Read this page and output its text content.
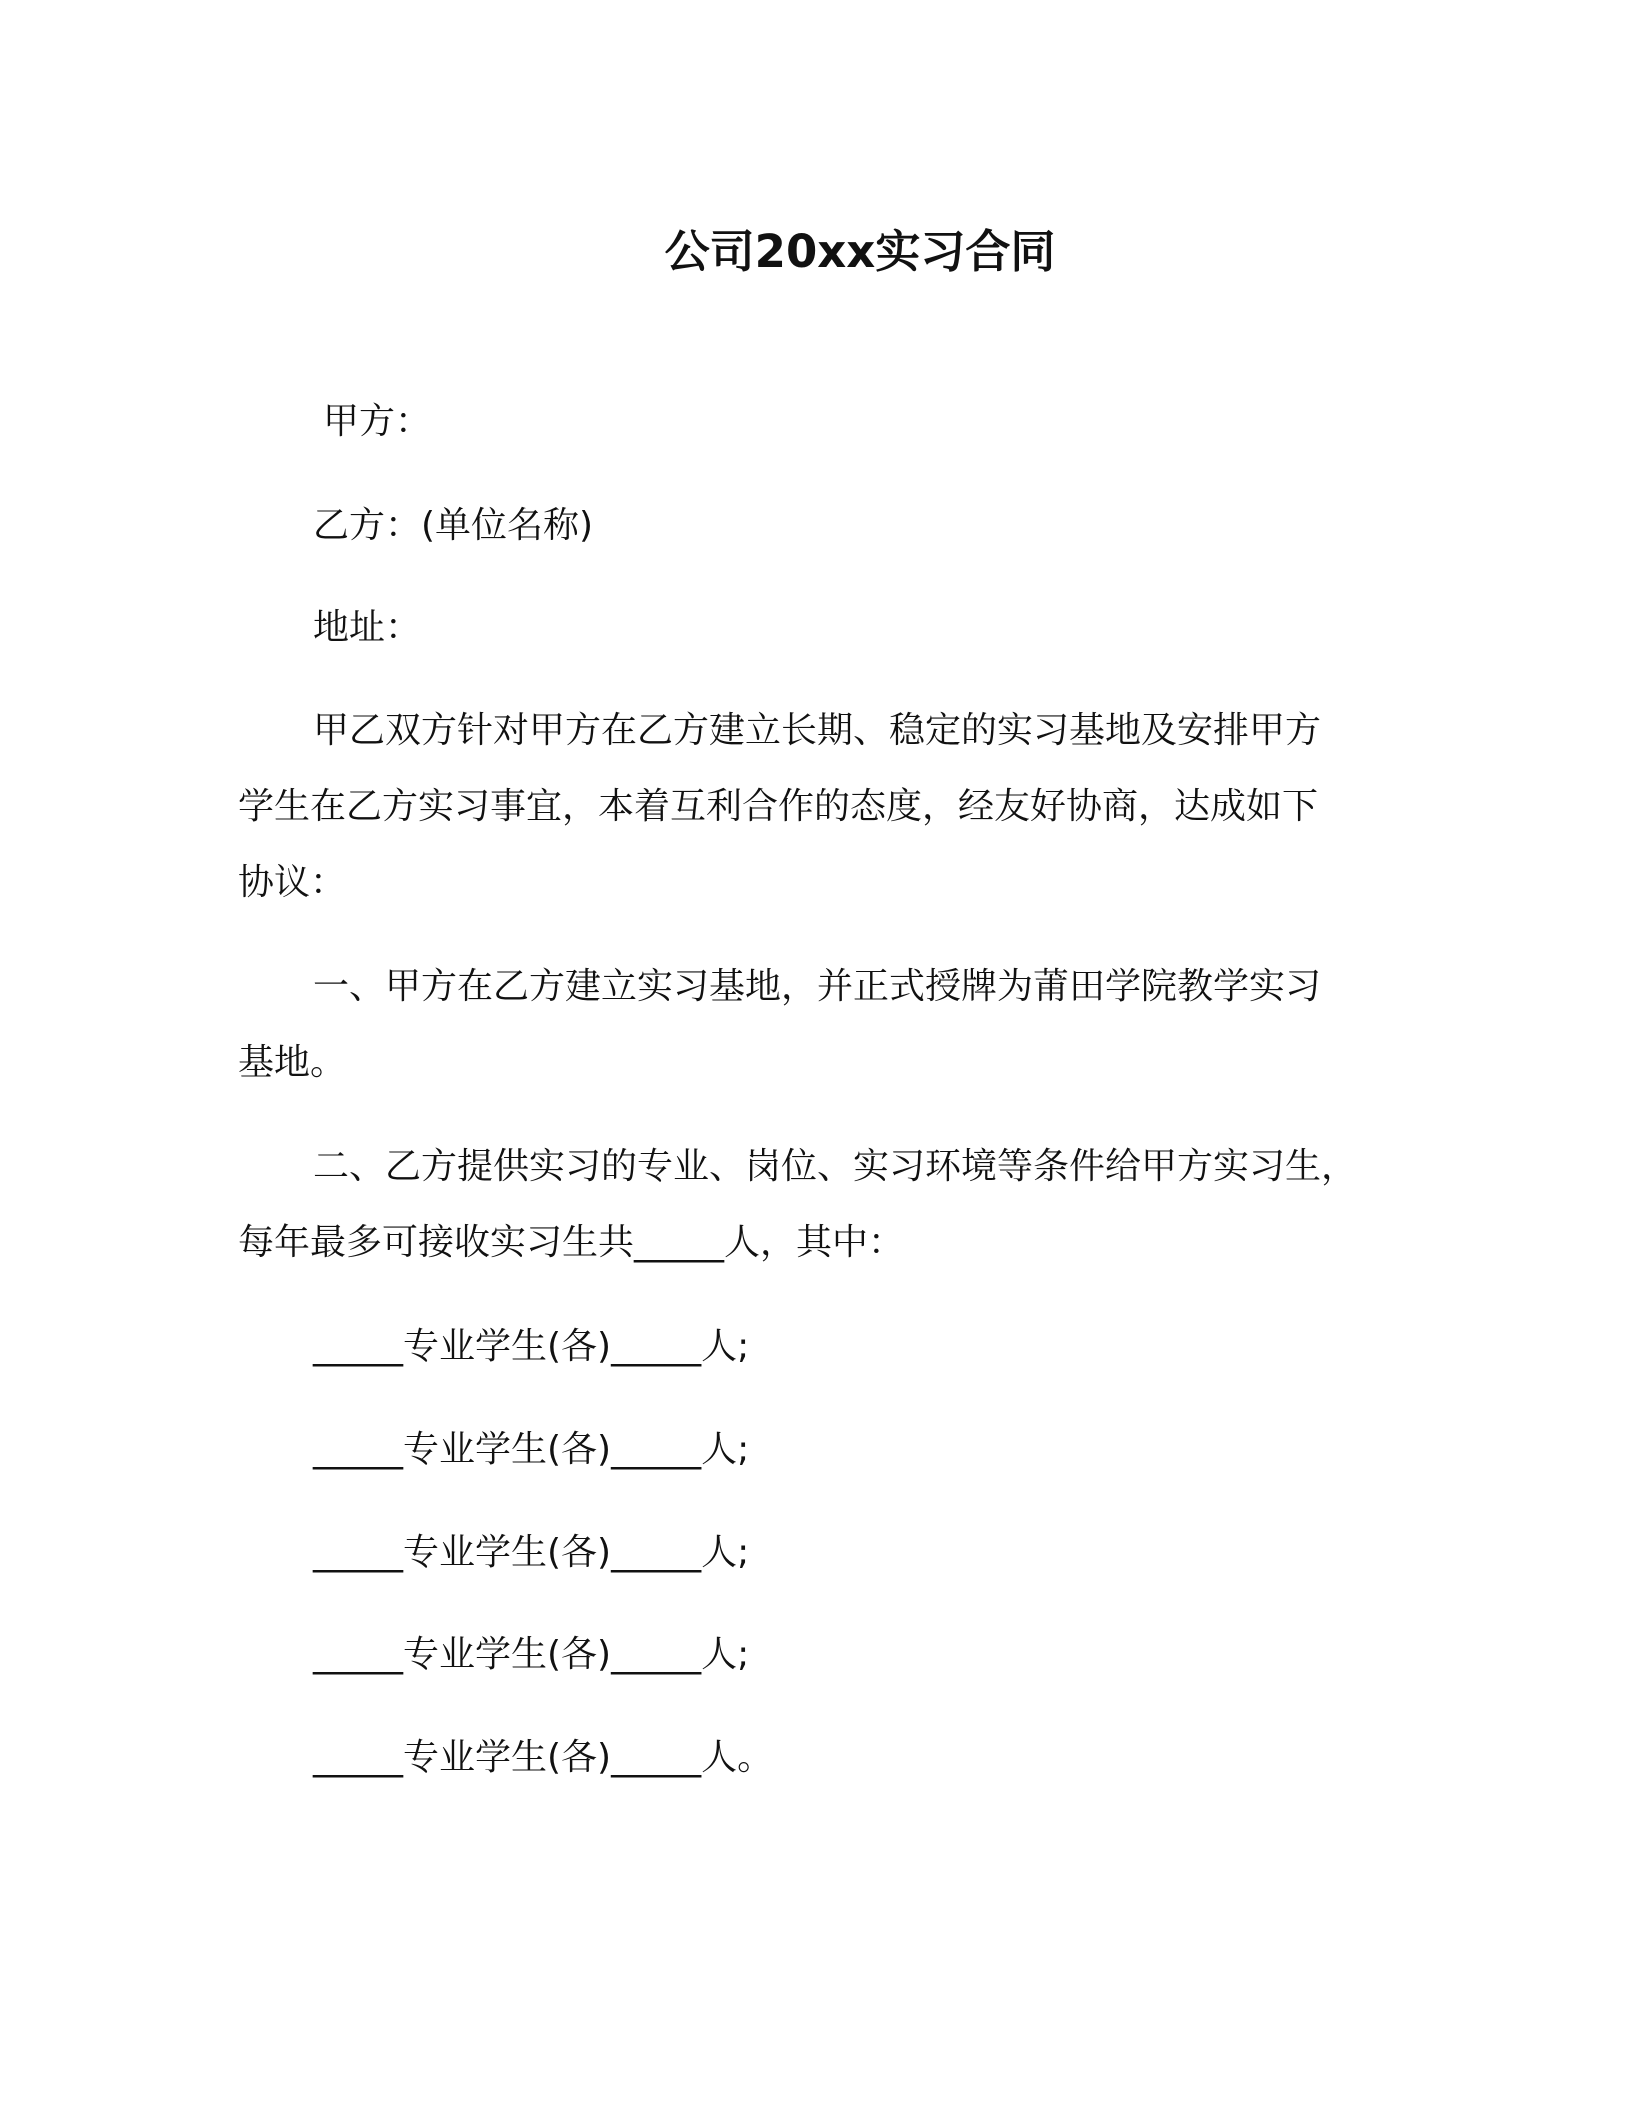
公司20xx实习合同
甲方：
乙方：(单位名称)
地址：
甲乙双方针对甲方在乙方建立长期、稳定的实习基地及安排甲方
学生在乙方实习事宜，本着互利合作的态度，经友好协商，达成如下
协议：
一、甲方在乙方建立实习基地，并正式授牌为莆田学院教学实习
基地。
二、乙方提供实习的专业、岗位、实习环境等条件给甲方实习生，
每年最多可接收实习生共_____人，其中：
_____专业学生(各)_____人;
_____专业学生(各)_____人;
_____专业学生(各)_____人;
_____专业学生(各)_____人;
_____专业学生(各)_____人。
